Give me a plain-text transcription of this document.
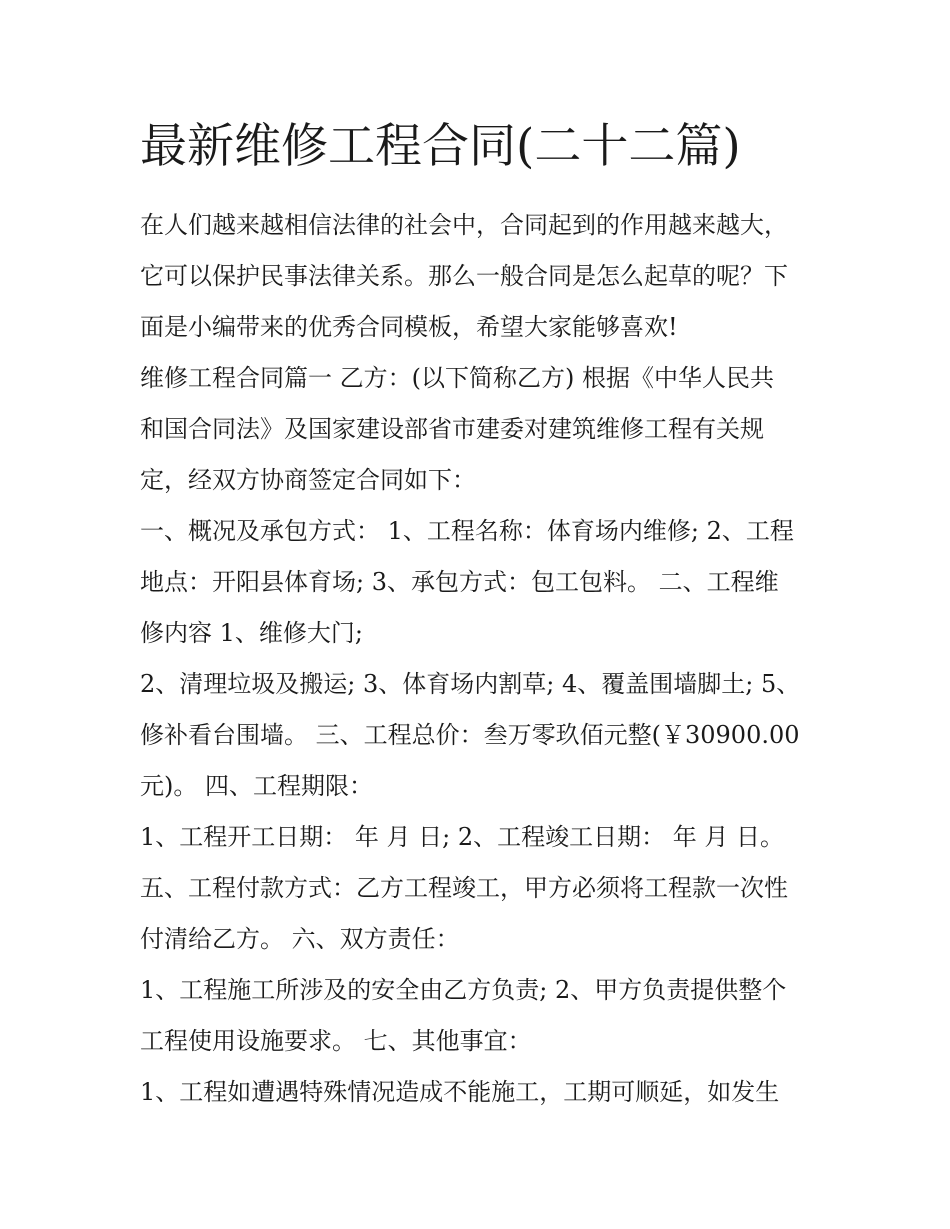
最新维修工程合同(二十二篇)

在人们越来越相信法律的社会中，合同起到的作用越来越大，

它可以保护民事法律关系。那么一般合同是怎么起草的呢？下

面是小编带来的优秀合同模板，希望大家能够喜欢!

维修工程合同篇一 乙方：(以下简称乙方) 根据《中华人民共

和国合同法》及国家建设部省市建委对建筑维修工程有关规

定，经双方协商签定合同如下：

一、概况及承包方式： 1、工程名称：体育场内维修; 2、工程

地点：开阳县体育场; 3、承包方式：包工包料。 二、工程维

修内容 1、维修大门;

2、清理垃圾及搬运; 3、体育场内割草; 4、覆盖围墙脚土; 5、

修补看台围墙。 三、工程总价：叁万零玖佰元整(￥30900.00

元)。 四、工程期限：

1、工程开工日期： 年 月 日; 2、工程竣工日期： 年 月 日。

五、工程付款方式：乙方工程竣工，甲方必须将工程款一次性

付清给乙方。 六、双方责任：

1、工程施工所涉及的安全由乙方负责; 2、甲方负责提供整个

工程使用设施要求。 七、其他事宜：

1、工程如遭遇特殊情况造成不能施工，工期可顺延，如发生
